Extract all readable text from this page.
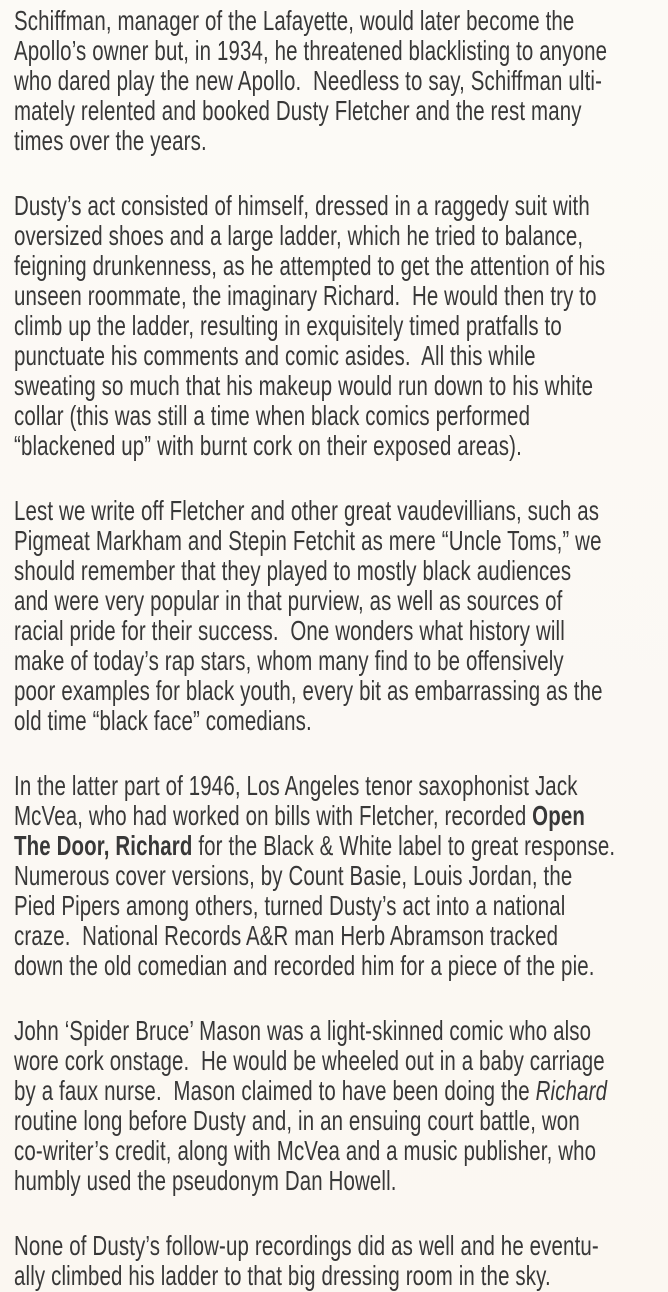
Schiffman, manager of the Lafayette, would later become the
Apollo’s owner but, in 1934, he threatened blacklisting to anyone
who dared play the new Apollo.  Needless to say, Schiffman ulti-
mately relented and booked Dusty Fletcher and the rest many
times over the years.

Dusty’s act consisted of himself, dressed in a raggedy suit with
oversized shoes and a large ladder, which he tried to balance,
feigning drunkenness, as he attempted to get the attention of his
unseen roommate, the imaginary Richard.  He would then try to
climb up the ladder, resulting in exquisitely timed pratfalls to
punctuate his comments and comic asides.  All this while
sweating so much that his makeup would run down to his white
collar (this was still a time when black comics performed
“blackened up” with burnt cork on their exposed areas).

Lest we write off Fletcher and other great vaudevillians, such as
Pigmeat Markham and Stepin Fetchit as mere “Uncle Toms,” we
should remember that they played to mostly black audiences
and were very popular in that purview, as well as sources of
racial pride for their success.  One wonders what history will
make of today’s rap stars, whom many find to be offensively
poor examples for black youth, every bit as embarrassing as the
old time “black face” comedians.

In the latter part of 1946, Los Angeles tenor saxophonist Jack
McVea, who had worked on bills with Fletcher, recorded Open
The Door, Richard for the Black & White label to great response.
Numerous cover versions, by Count Basie, Louis Jordan, the
Pied Pipers among others, turned Dusty’s act into a national
craze.  National Records A&R man Herb Abramson tracked
down the old comedian and recorded him for a piece of the pie.

John ‘Spider Bruce’ Mason was a light-skinned comic who also
wore cork onstage.  He would be wheeled out in a baby carriage
by a faux nurse.  Mason claimed to have been doing the Richard
routine long before Dusty and, in an ensuing court battle, won
co-writer’s credit, along with McVea and a music publisher, who
humbly used the pseudonym Dan Howell.

None of Dusty’s follow-up recordings did as well and he eventu-
ally climbed his ladder to that big dressing room in the sky.
